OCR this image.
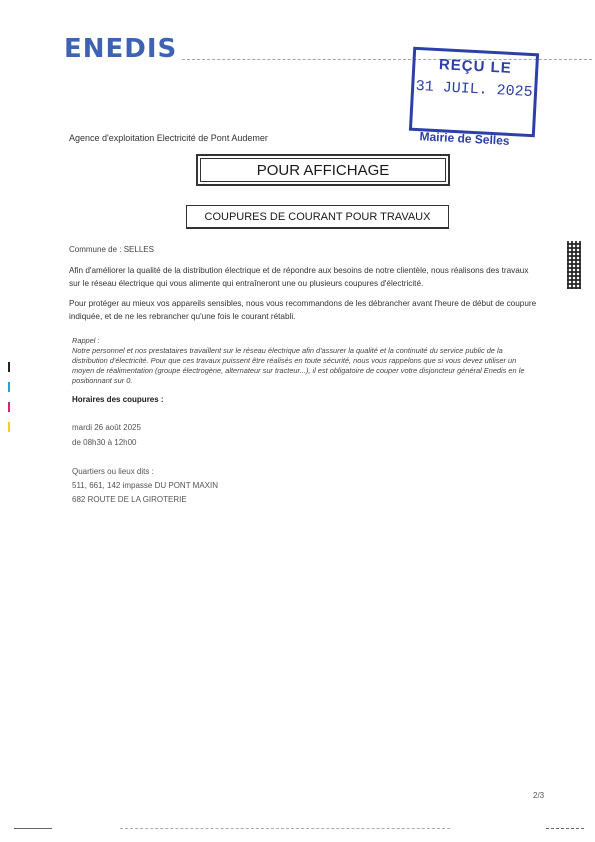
ENEDIS
REÇU LE
31 JUIL. 2025
Mairie de Selles
Agence d'exploitation Electricité de Pont Audemer
POUR AFFICHAGE
COUPURES DE COURANT POUR TRAVAUX
Commune de : SELLES
Afin d'améliorer la qualité de la distribution électrique et de répondre aux besoins de notre clientèle, nous réalisons des travaux sur le réseau électrique qui vous alimente qui entraîneront une ou plusieurs coupures d'électricité.
Pour protéger au mieux vos appareils sensibles, nous vous recommandons de les débrancher avant l'heure de début de coupure indiquée, et de ne les rebrancher qu'une fois le courant rétabli.
Rappel :
Notre personnel et nos prestataires travaillent sur le réseau électrique afin d'assurer la qualité et la continuité du service public de la distribution d'électricité. Pour que ces travaux puissent être réalisés en toute sécurité, nous vous rappelons que si vous devez utiliser un moyen de réalimentation (groupe électrogène, alternateur sur tracteur...), il est obligatoire de couper votre disjoncteur général Enedis en le positionnant sur 0.
Horaires des coupures :
mardi 26 août 2025
de 08h30 à 12h00
Quartiers ou lieux dits :
511, 661, 142 impasse DU PONT MAXIN
682 ROUTE DE LA GIROTERIE
2/3
